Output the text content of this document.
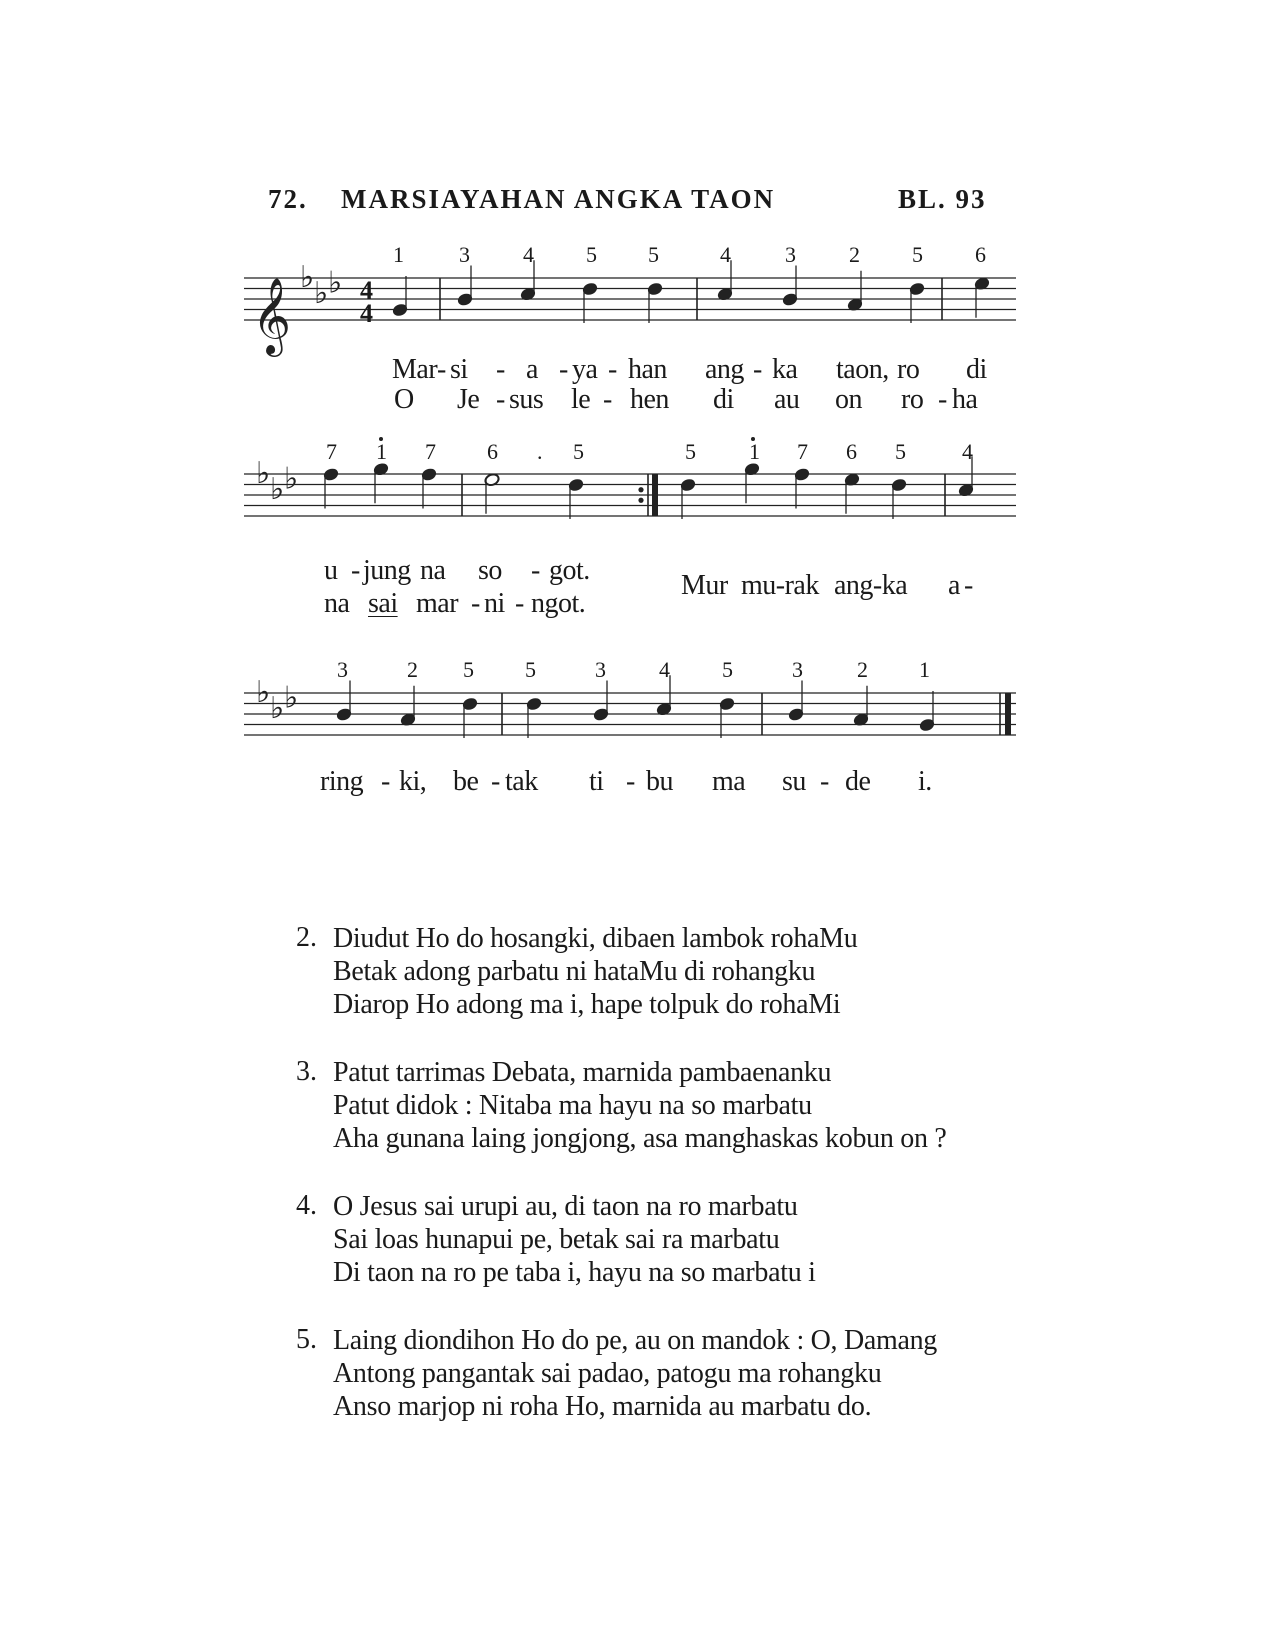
72. MARSIAYAHAN ANGKA TAON	BL. 93
𝄞 ♭ ♭ ♭
♭ ♭ ♭
♭ ♭ ♭
4
4
1	3 4 5 5	4 3 2 5 6
Mar - si - a - ya - han ang - ka taon, ro di
O Je - sus le - hen di au on ro - ha
7 1 7 6 . 5	5 1 7 6 5	4
u - jung na so - got.
na sai mar - ni - ngot.
Mur mu-rak ang-ka a -
3	2 5 5	3 4 5	3 2 1
ring - ki, be - tak ti - bu ma su - de i.
2. Diudut Ho do hosangki, dibaen lambok rohaMu
Betak adong parbatu ni hataMu di rohangku
Diarop Ho adong ma i, hape tolpuk do rohaMi
3. Patut tarrimas Debata, marnida pambaenanku
Patut didok : Nitaba ma hayu na so marbatu
Aha gunana laing jongjong, asa manghaskas kobun on ?
4. O Jesus sai urupi au, di taon na ro marbatu
Sai loas hunapui pe, betak sai ra marbatu
Di taon na ro pe taba i, hayu na so marbatu i
5. Laing diondihon Ho do pe, au on mandok : O, Damang
Antong pangantak sai padao, patogu ma rohangku
Anso marjop ni roha Ho, marnida au marbatu do.
